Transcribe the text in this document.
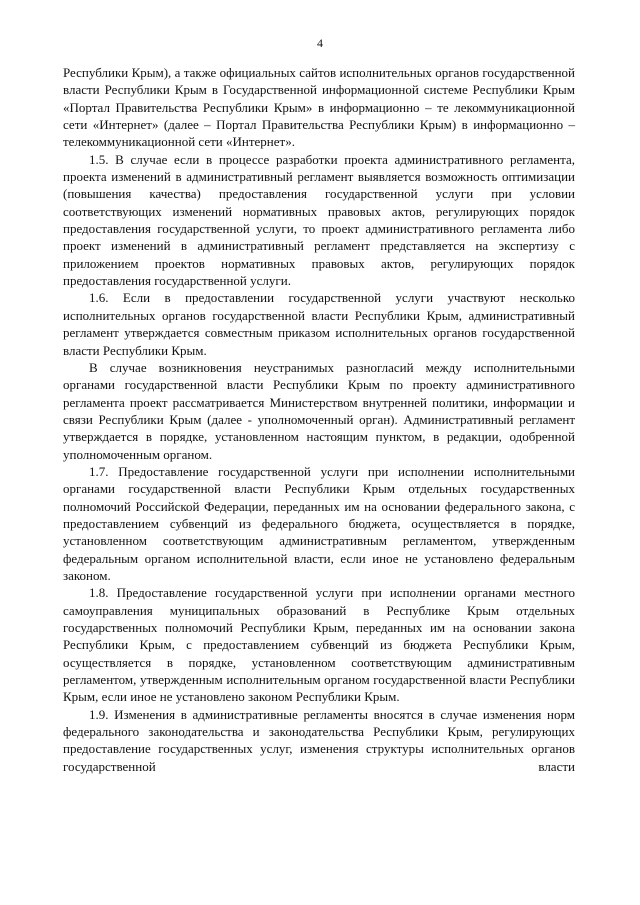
4

Республики Крым), а также официальных сайтов исполнительных органов государственной власти Республики Крым в Государственной информационной системе Республики Крым «Портал Правительства Республики Крым» в информационно – те лекоммуникационной сети «Интернет» (далее – Портал Правительства Республики Крым) в информационно – телекоммуникационной сети «Интернет».

1.5. В случае если в процессе разработки проекта административного регламента, проекта изменений в административный регламент выявляется возможность оптимизации (повышения качества) предоставления государственной услуги при условии соответствующих изменений нормативных правовых актов, регулирующих порядок предоставления государственной услуги, то проект административного регламента либо проект изменений в административный регламент представляется на экспертизу с приложением проектов нормативных правовых актов, регулирующих порядок предоставления государственной услуги.

1.6. Если в предоставлении государственной услуги участвуют несколько исполнительных органов государственной власти Республики Крым, административный регламент утверждается совместным приказом исполнительных органов государственной власти Республики Крым.

В случае возникновения неустранимых разногласий между исполнительными органами государственной власти Республики Крым по проекту административного регламента проект рассматривается Министерством внутренней политики, информации и связи Республики Крым (далее - уполномоченный орган). Административный регламент утверждается в порядке, установленном настоящим пунктом, в редакции, одобренной уполномоченным органом.

1.7. Предоставление государственной услуги при исполнении исполнительными органами государственной власти Республики Крым отдельных государственных полномочий Российской Федерации, переданных им на основании федерального закона, с предоставлением субвенций из федерального бюджета, осуществляется в порядке, установленном соответствующим административным регламентом, утвержденным федеральным органом исполнительной власти, если иное не установлено федеральным законом.

1.8. Предоставление государственной услуги при исполнении органами местного самоуправления муниципальных образований в Республике Крым отдельных государственных полномочий Республики Крым, переданных им на основании закона Республики Крым, с предоставлением субвенций из бюджета Республики Крым, осуществляется в порядке, установленном соответствующим административным регламентом, утвержденным исполнительным органом государственной власти Республики Крым, если иное не установлено законом Республики Крым.

1.9. Изменения в административные регламенты вносятся в случае изменения норм федерального законодательства и законодательства Республики Крым, регулирующих предоставление государственных услуг, изменения структуры исполнительных органов государственной власти
